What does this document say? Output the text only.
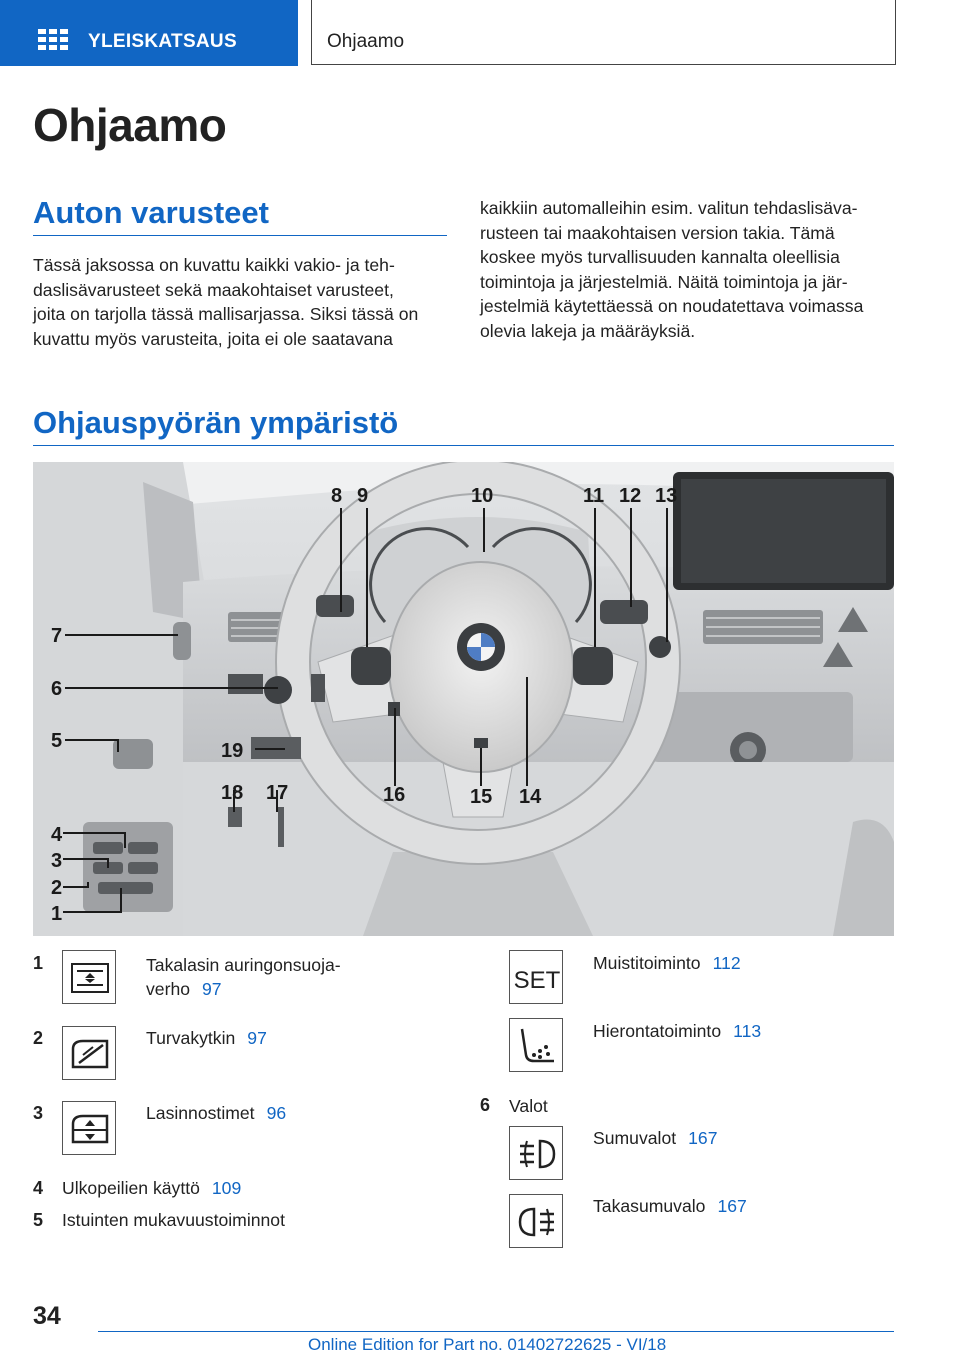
YLEISKATSAUS	Ohjaamo
Ohjaamo
Auton varusteet
Tässä jaksossa on kuvattu kaikki vakio- ja teh‐
daslisävarusteet sekä maakohtaiset varusteet,
joita on tarjolla tässä mallisarjassa. Siksi tässä on
kuvattu myös varusteita, joita ei ole saatavana
kaikkiin automalleihin esim. valitun tehdaslisäva‐
rusteen tai maakohtaisen version takia. Tämä
koskee myös turvallisuuden kannalta oleellisia
toimintoja ja järjestelmiä. Näitä toimintoja ja jär‐
jestelmiä käytettäessä on noudatettava voimassa
olevia lakeja ja määräyksiä.
Ohjauspyörän ympäristö
8 9	10	11 12 13
7
6
5	19
18 17	16	15 14
4
3
2
1
1	Takalasin auringonsuoja-
verho 97
2	Turvakytkin 97
3	Lasinnostimet 96
4 Ulkopeilien käyttö 109
5 Istuinten mukavuustoiminnot
SET
Muistitoiminto 112
Hierontatoiminto 113
6 Valot
Sumuvalot 167
Takasumuvalo 167
34
Online Edition for Part no. 01402722625 - VI/18
